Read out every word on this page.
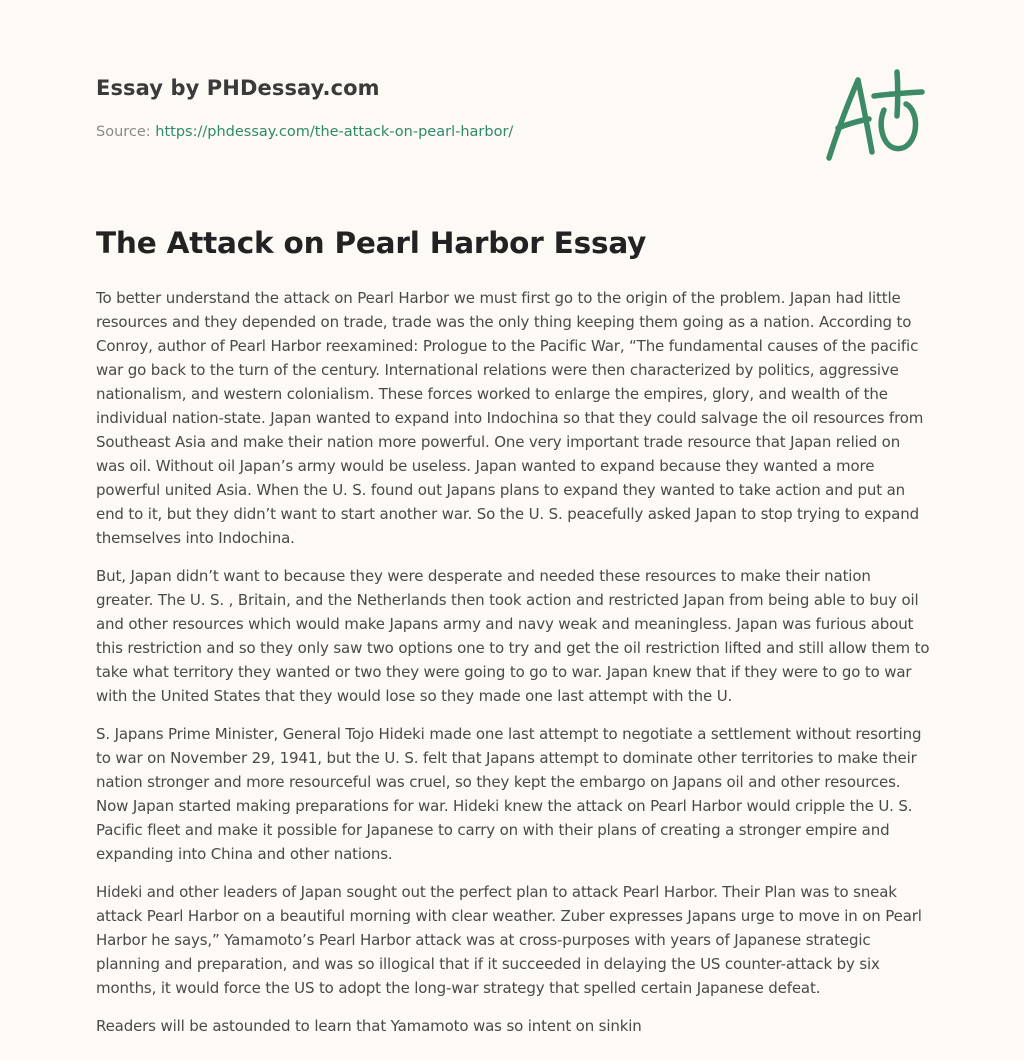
Essay by PHDessay.com
Source: https://phdessay.com/the-attack-on-pearl-harbor/
The Attack on Pearl Harbor Essay

To better understand the attack on Pearl Harbor we must first go to the origin of the problem. Japan had little resources and they depended on trade, trade was the only thing keeping them going as a nation. According to Conroy, author of Pearl Harbor reexamined: Prologue to the Pacific War, “The fundamental causes of the pacific war go back to the turn of the century. International relations were then characterized by politics, aggressive nationalism, and western colonialism. These forces worked to enlarge the empires, glory, and wealth of the individual nation-state. Japan wanted to expand into Indochina so that they could salvage the oil resources from Southeast Asia and make their nation more powerful. One very important trade resource that Japan relied on was oil. Without oil Japan’s army would be useless. Japan wanted to expand because they wanted a more powerful united Asia. When the U. S. found out Japans plans to expand they wanted to take action and put an end to it, but they didn’t want to start another war. So the U. S. peacefully asked Japan to stop trying to expand themselves into Indochina.

But, Japan didn’t want to because they were desperate and needed these resources to make their nation greater. The U. S. , Britain, and the Netherlands then took action and restricted Japan from being able to buy oil and other resources which would make Japans army and navy weak and meaningless. Japan was furious about this restriction and so they only saw two options one to try and get the oil restriction lifted and still allow them to take what territory they wanted or two they were going to go to war. Japan knew that if they were to go to war with the United States that they would lose so they made one last attempt with the U.

S. Japans Prime Minister, General Tojo Hideki made one last attempt to negotiate a settlement without resorting to war on November 29, 1941, but the U. S. felt that Japans attempt to dominate other territories to make their nation stronger and more resourceful was cruel, so they kept the embargo on Japans oil and other resources. Now Japan started making preparations for war. Hideki knew the attack on Pearl Harbor would cripple the U. S. Pacific fleet and make it possible for Japanese to carry on with their plans of creating a stronger empire and expanding into China and other nations.

Hideki and other leaders of Japan sought out the perfect plan to attack Pearl Harbor. Their Plan was to sneak attack Pearl Harbor on a beautiful morning with clear weather. Zuber expresses Japans urge to move in on Pearl Harbor he says,” Yamamoto’s Pearl Harbor attack was at cross-purposes with years of Japanese strategic planning and preparation, and was so illogical that if it succeeded in delaying the US counter-attack by six months, it would force the US to adopt the long-war strategy that spelled certain Japanese defeat.

Readers will be astounded to learn that Yamamoto was so intent on sinkin
